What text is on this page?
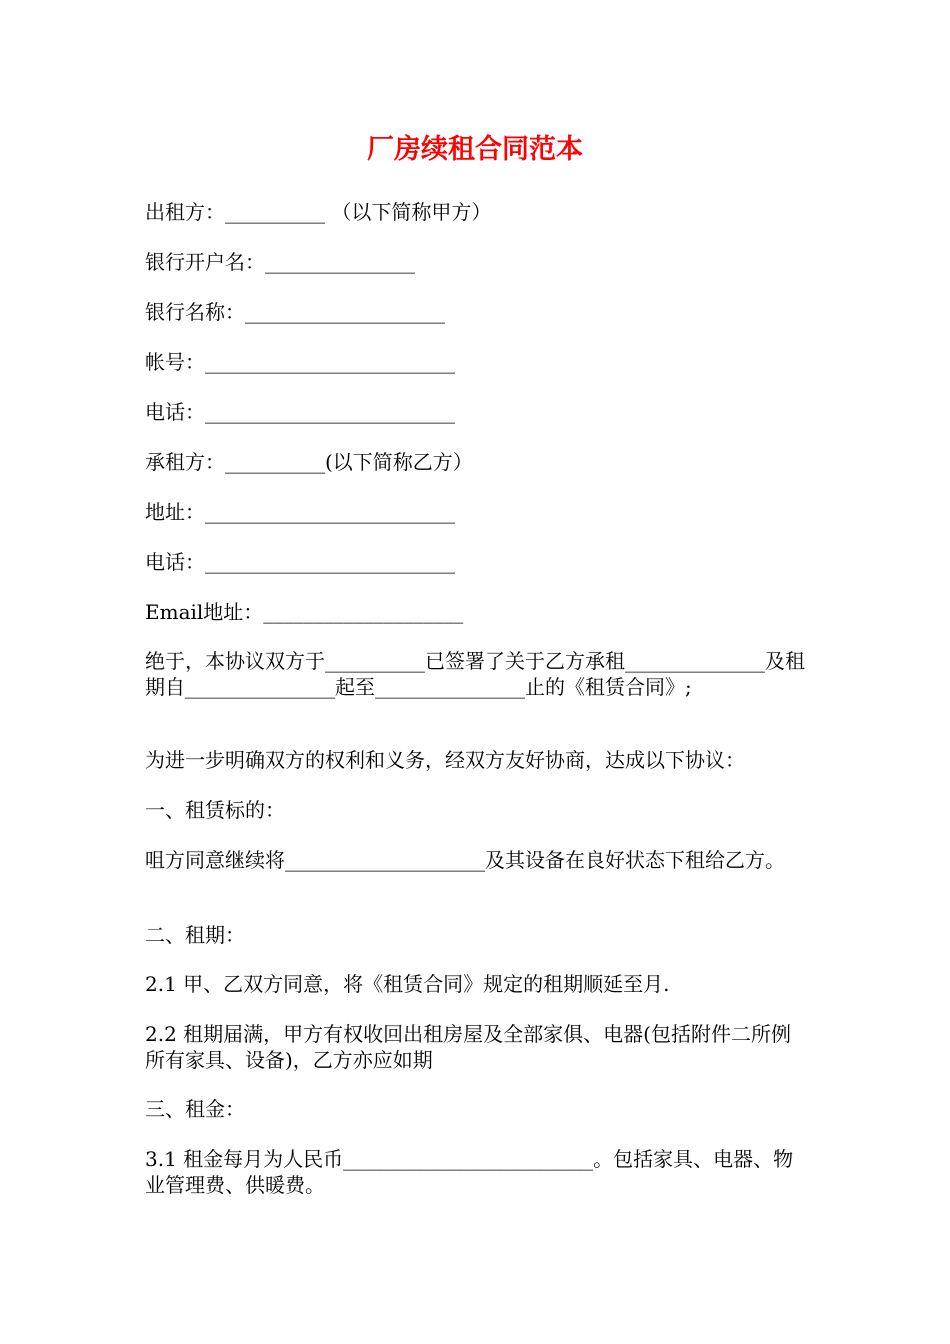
厂房续租合同范本
出租方：__________ （以下简称甲方）
银行开户名：_______________
银行名称：____________________
帐号：_________________________
电话：_________________________
承租方：__________(以下简称乙方）
地址：_________________________
电话：_________________________
Email地址：____________________
绝于，本协议双方于__________已签署了关于乙方承租______________及租期自_______________起至_______________止的《租赁合同》;
为进一步明确双方的权利和义务，经双方友好协商，达成以下协议：
一、租赁标的：
咀方同意继续将____________________及其设备在良好状态下租给乙方。
二、租期：
2.1 甲、乙双方同意，将《租赁合同》规定的租期顺延至月.
2.2 租期届满，甲方有权收回出租房屋及全部家俱、电器(包括附件二所例所有家具、设备)，乙方亦应如期
三、租金：
3.1 租金每月为人民币_________________________。包括家具、电器、物业管理费、供暖费。
